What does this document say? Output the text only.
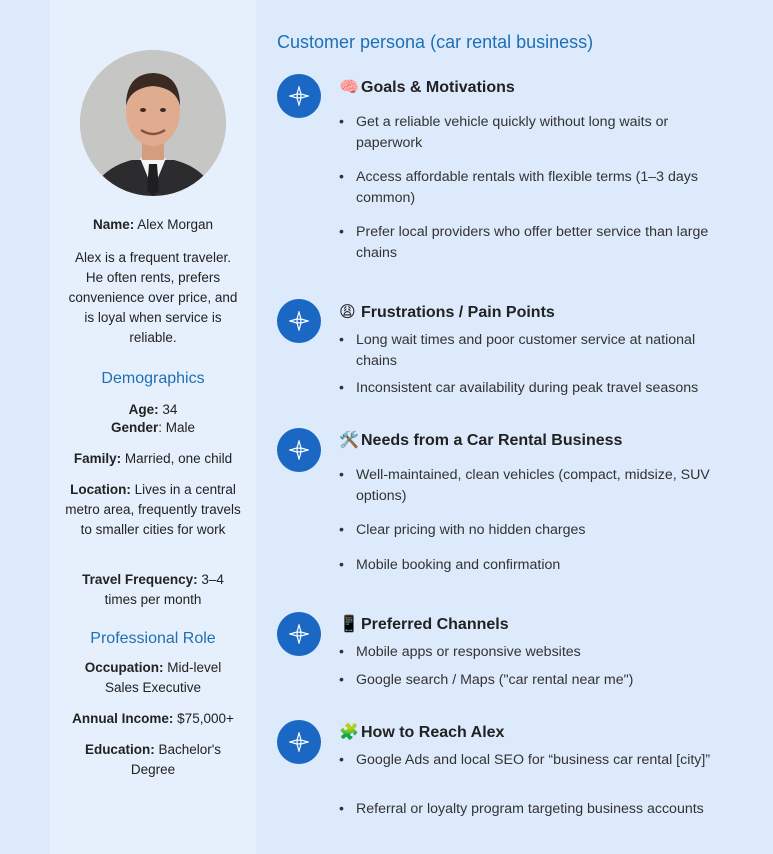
Name: Alex Morgan
Alex is a frequent traveler. He often rents, prefers convenience over price, and is loyal when service is reliable.
Demographics
Age: 34
Gender: Male
Family: Married, one child
Location: Lives in a central metro area, frequently travels to smaller cities for work
Travel Frequency: 3–4 times per month
Professional Role
Occupation: Mid-level Sales Executive
Annual Income: $75,000+
Education: Bachelor's Degree
Customer persona (car rental business)
🧠 Goals & Motivations
• Get a reliable vehicle quickly without long waits or paperwork
• Access affordable rentals with flexible terms (1–3 days common)
• Prefer local providers who offer better service than large chains
😩 Frustrations / Pain Points
• Long wait times and poor customer service at national chains
• Inconsistent car availability during peak travel seasons
🛠️ Needs from a Car Rental Business
• Well-maintained, clean vehicles (compact, midsize, SUV options)
• Clear pricing with no hidden charges
• Mobile booking and confirmation
📱 Preferred Channels
• Mobile apps or responsive websites
• Google search / Maps ("car rental near me")
🧩 How to Reach Alex
• Google Ads and local SEO for “business car rental [city]”
• Referral or loyalty program targeting business accounts
